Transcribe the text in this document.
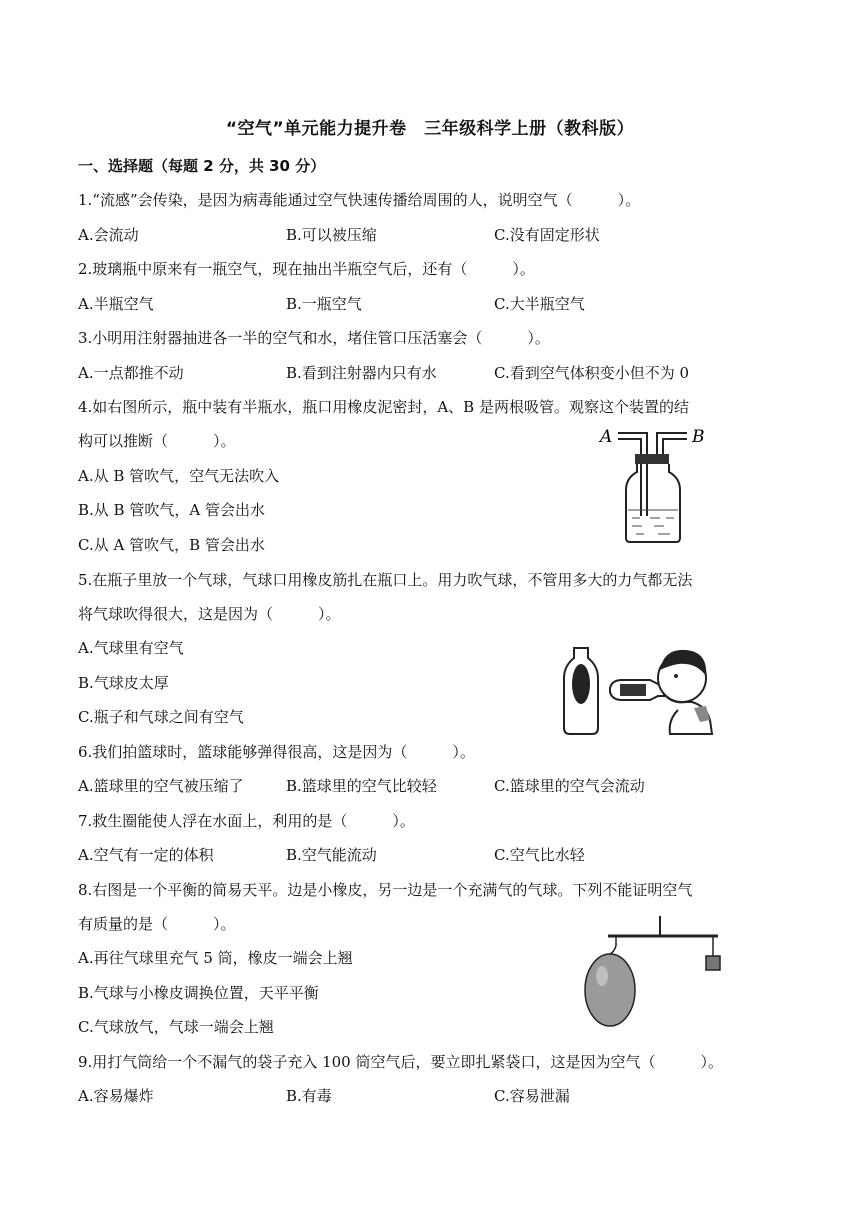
“空气”单元能力提升卷　三年级科学上册（教科版）
一、选择题（每题 2 分，共 30 分）
1.“流感”会传染，是因为病毒能通过空气快速传播给周围的人，说明空气（　　　）。
A.会流动	B.可以被压缩	C.没有固定形状
2.玻璃瓶中原来有一瓶空气，现在抽出半瓶空气后，还有（　　　）。
A.半瓶空气	B.一瓶空气	C.大半瓶空气
3.小明用注射器抽进各一半的空气和水，堵住管口压活塞会（　　　）。
A.一点都推不动	B.看到注射器内只有水	C.看到空气体积变小但不为 0
4.如右图所示，瓶中装有半瓶水，瓶口用橡皮泥密封，A、B 是两根吸管。观察这个装置的结
构可以推断（　　　）。
A.从 B 管吹气，空气无法吹入
B.从 B 管吹气，A 管会出水
C.从 A 管吹气，B 管会出水
A	B
5.在瓶子里放一个气球，气球口用橡皮筋扎在瓶口上。用力吹气球，不管用多大的力气都无法
将气球吹得很大，这是因为（　　　）。
A.气球里有空气
B.气球皮太厚
C.瓶子和气球之间有空气
6.我们拍篮球时，篮球能够弹得很高，这是因为（　　　）。
A.篮球里的空气被压缩了	B.篮球里的空气比较轻	C.篮球里的空气会流动
7.救生圈能使人浮在水面上，利用的是（　　　）。
A.空气有一定的体积	B.空气能流动	C.空气比水轻
8.右图是一个平衡的简易天平。边是小橡皮，另一边是一个充满气的气球。下列不能证明空气
有质量的是（　　　）。
A.再往气球里充气 5 筒，橡皮一端会上翘
B.气球与小橡皮调换位置，天平平衡
C.气球放气，气球一端会上翘
9.用打气筒给一个不漏气的袋子充入 100 筒空气后，要立即扎紧袋口，这是因为空气（　　　）。
A.容易爆炸	B.有毒	C.容易泄漏
